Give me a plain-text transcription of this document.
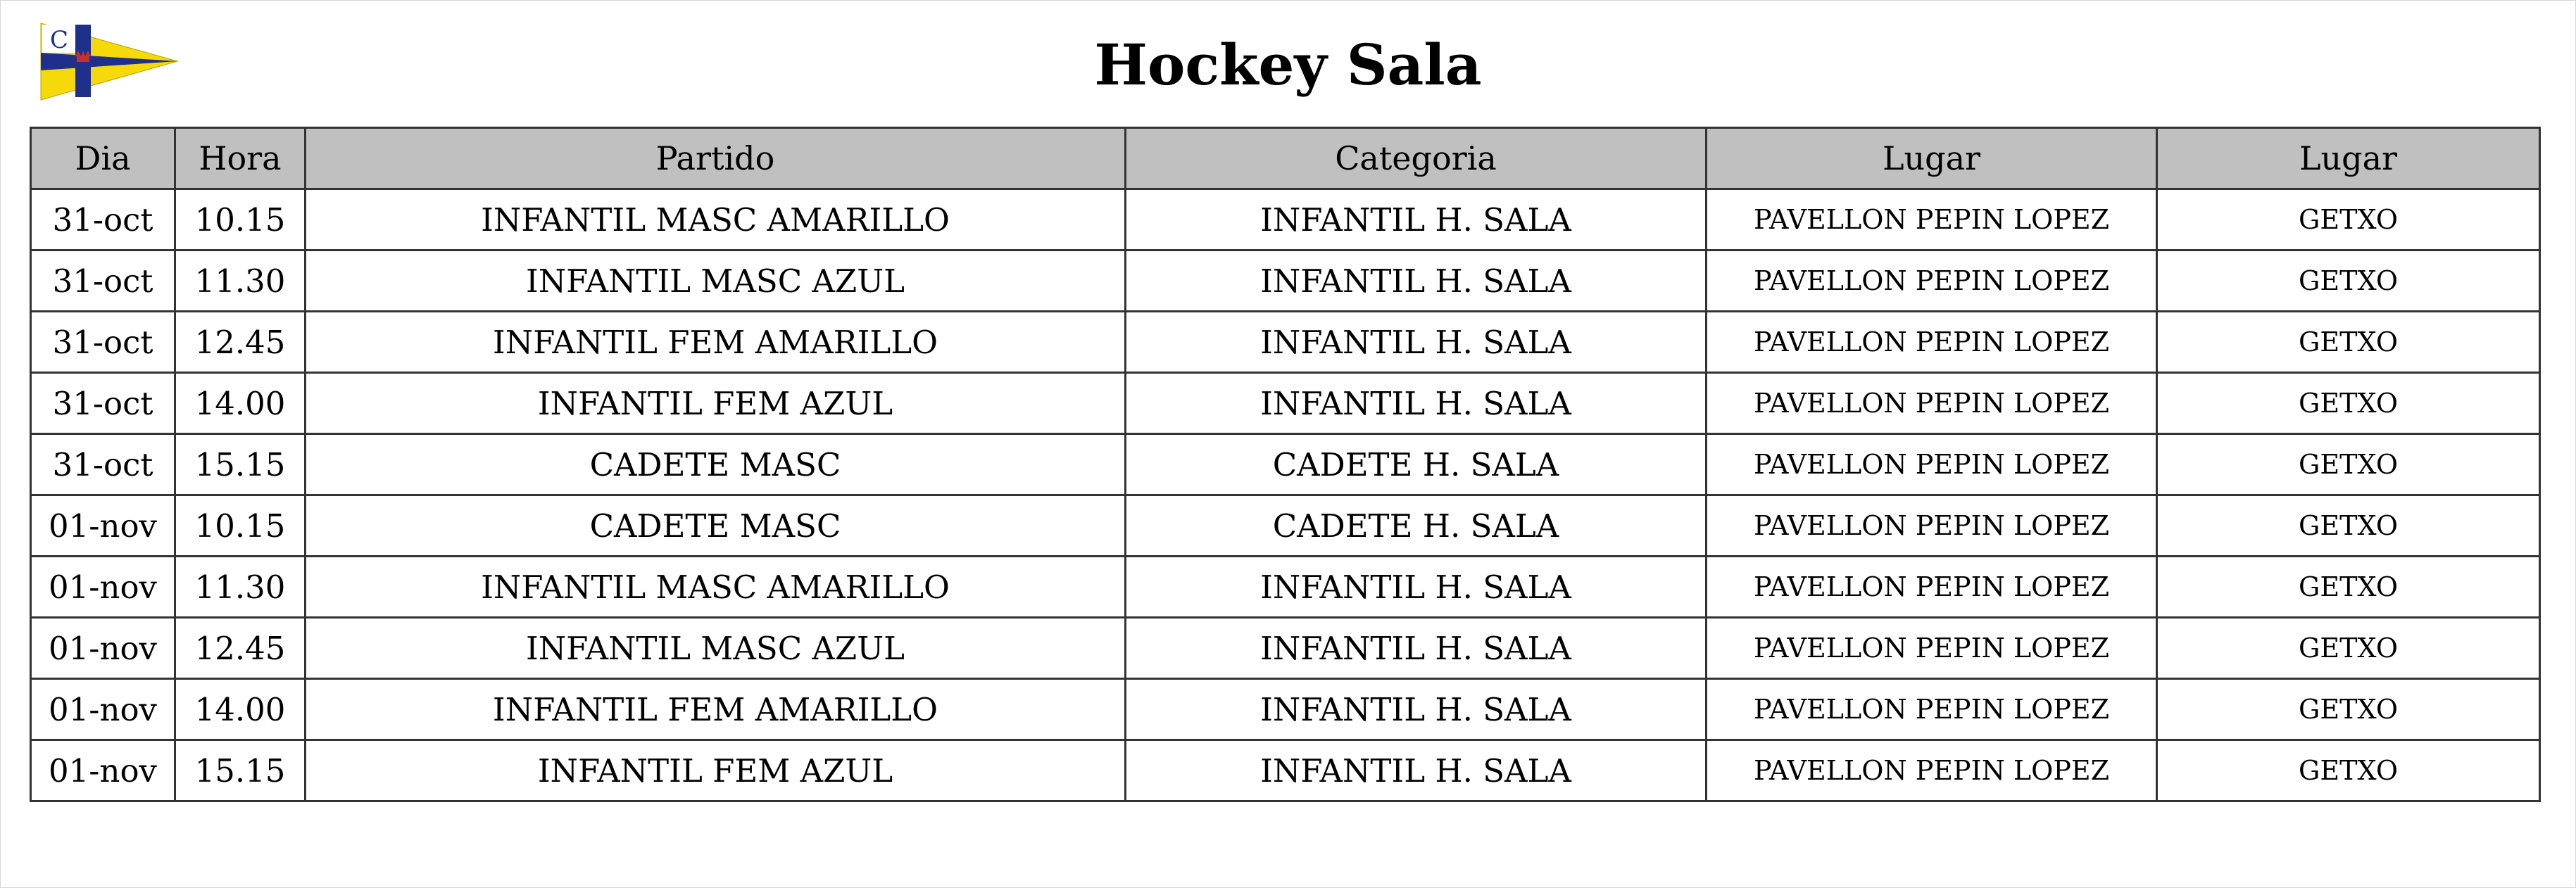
C	Hockey Sala
Dia	Hora	Partido	Categoria	Lugar	Lugar
31-oct	10.15	INFANTIL MASC AMARILLO	INFANTIL H. SALA	PAVELLON PEPIN LOPEZ	GETXO
31-oct	11.30	INFANTIL MASC AZUL	INFANTIL H. SALA	PAVELLON PEPIN LOPEZ	GETXO
31-oct	12.45	INFANTIL FEM AMARILLO	INFANTIL H. SALA	PAVELLON PEPIN LOPEZ	GETXO
31-oct	14.00	INFANTIL FEM AZUL	INFANTIL H. SALA	PAVELLON PEPIN LOPEZ	GETXO
31-oct	15.15	CADETE MASC	CADETE H. SALA	PAVELLON PEPIN LOPEZ	GETXO
01-nov	10.15	CADETE MASC	CADETE H. SALA	PAVELLON PEPIN LOPEZ	GETXO
01-nov	11.30	INFANTIL MASC AMARILLO	INFANTIL H. SALA	PAVELLON PEPIN LOPEZ	GETXO
01-nov	12.45	INFANTIL MASC AZUL	INFANTIL H. SALA	PAVELLON PEPIN LOPEZ	GETXO
01-nov	14.00	INFANTIL FEM AMARILLO	INFANTIL H. SALA	PAVELLON PEPIN LOPEZ	GETXO
01-nov	15.15	INFANTIL FEM AZUL	INFANTIL H. SALA	PAVELLON PEPIN LOPEZ	GETXO
